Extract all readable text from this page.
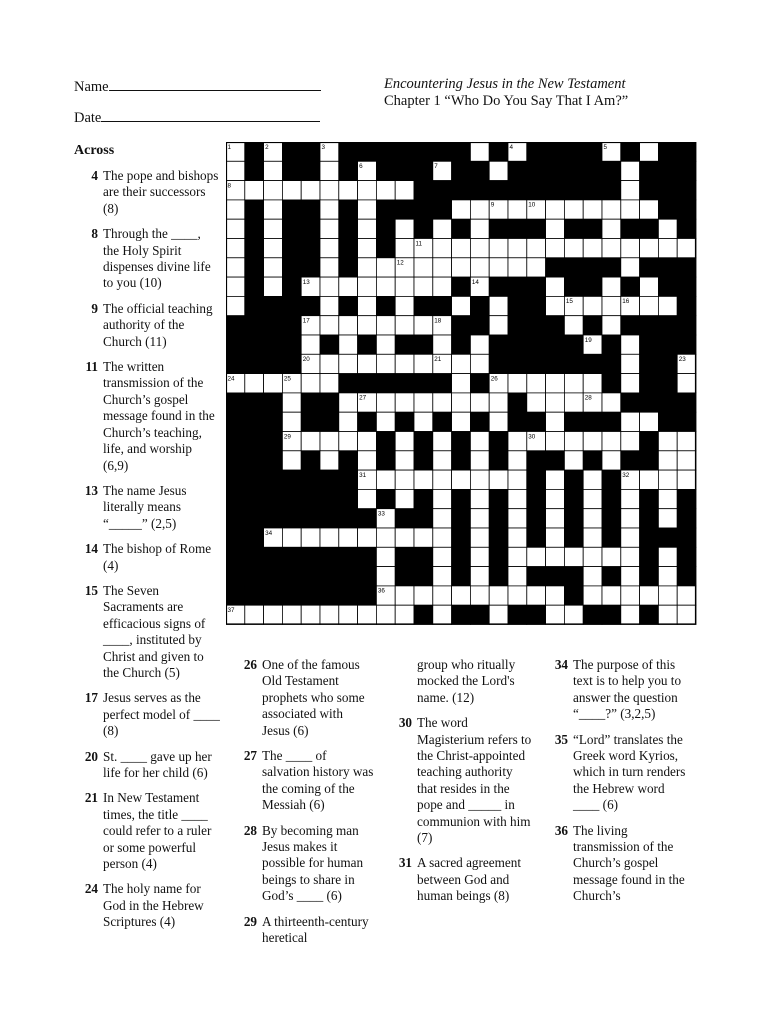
Name
Date
Encountering Jesus in the New Testament
Chapter 1 “Who Do You Say That I Am?”
Across
4 The pope and bishops are their successors (8)
8 Through the ____, the Holy Spirit dispenses divine life to you (10)
9 The official teaching authority of the Church (11)
11 The written transmission of the Church’s gospel message found in the Church’s teaching, life, and worship (6,9)
13 The name Jesus literally means “_____” (2,5)
14 The bishop of Rome (4)
15 The Seven Sacraments are efficacious signs of ____, instituted by Christ and given to the Church (5)
17 Jesus serves as the perfect model of ____ (8)
20 St. ____ gave up her life for her child (6)
21 In New Testament times, the title ____ could refer to a ruler or some powerful person (4)
24 The holy name for God in the Hebrew Scriptures (4)
26 One of the famous Old Testament prophets who some associated with Jesus (6)
27 The ____ of salvation history was the coming of the Messiah (6)
28 By becoming man Jesus makes it possible for human beings to share in God’s ____ (6)
29 A thirteenth-century heretical
group who ritually mocked the Lord's name. (12)
30 The word Magisterium refers to the Christ-appointed teaching authority that resides in the pope and _____ in communion with him (7)
31 A sacred agreement between God and human beings (8)
34 The purpose of this text is to help you to answer the question “____?” (3,2,5)
35 “Lord” translates the Greek word Kyrios, which in turn renders the Hebrew word ____ (6)
36 The living transmission of the Church’s gospel message found in the Church’s
1	2	3	4	5
6	7
8
9	10
11
12
13	14
15	16
17	18
19
20	21	22	23
24	25	26
27	28
29	30
31	32
33
34
35
36
37
